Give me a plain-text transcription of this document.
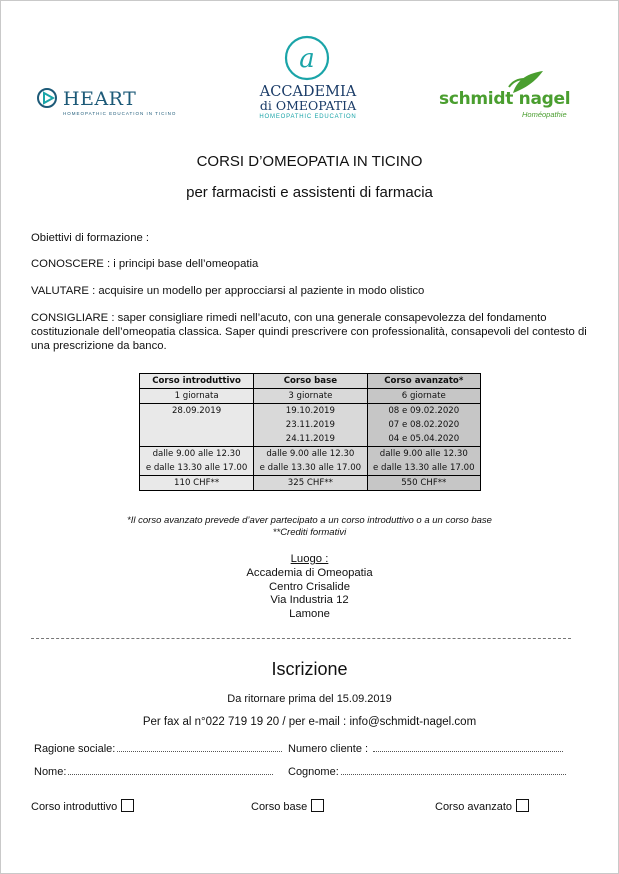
HEART
HOMEOPATHIC EDUCATION IN TICINO
a
ACCADEMIA
di OMEOPATIA
HOMEOPATHIC EDUCATION
schmidt nagel
Homéopathie
CORSI D’OMEOPATIA IN TICINO
per farmacisti e assistenti di farmacia
Obiettivi di formazione :
CONOSCERE : i principi base dell’omeopatia
VALUTARE : acquisire un modello per approcciarsi al paziente in modo olistico
CONSIGLIARE : saper consigliare rimedi nell’acuto, con una generale consapevolezza del fondamento costituzionale dell’omeopatia classica. Saper quindi prescrivere con professionalità, consapevoli del contesto di una prescrizione da banco.
Corso introduttivo	Corso base	Corso avanzato*
1 giornata	3 giornate	6 giornate
28.09.2019	19.10.2019	08 e 09.02.2020
	23.11.2019	07 e 08.02.2020
	24.11.2019	04 e 05.04.2020
dalle 9.00 alle 12.30	dalle 9.00 alle 12.30	dalle 9.00 alle 12.30
e dalle 13.30 alle 17.00	e dalle 13.30 alle 17.00	e dalle 13.30 alle 17.00
110 CHF**	325 CHF**	550 CHF**
*Il corso avanzato prevede d’aver partecipato a un corso introduttivo o a un corso base
**Crediti formativi
Luogo :
Accademia di Omeopatia
Centro Crisalide
Via Industria 12
Lamone
Iscrizione
Da ritornare prima del 15.09.2019
Per fax al n°022 719 19 20 / per e-mail : info@schmidt-nagel.com
Ragione sociale:	Numero cliente :
Nome:	Cognome:
Corso introduttivo	Corso base	Corso avanzato
